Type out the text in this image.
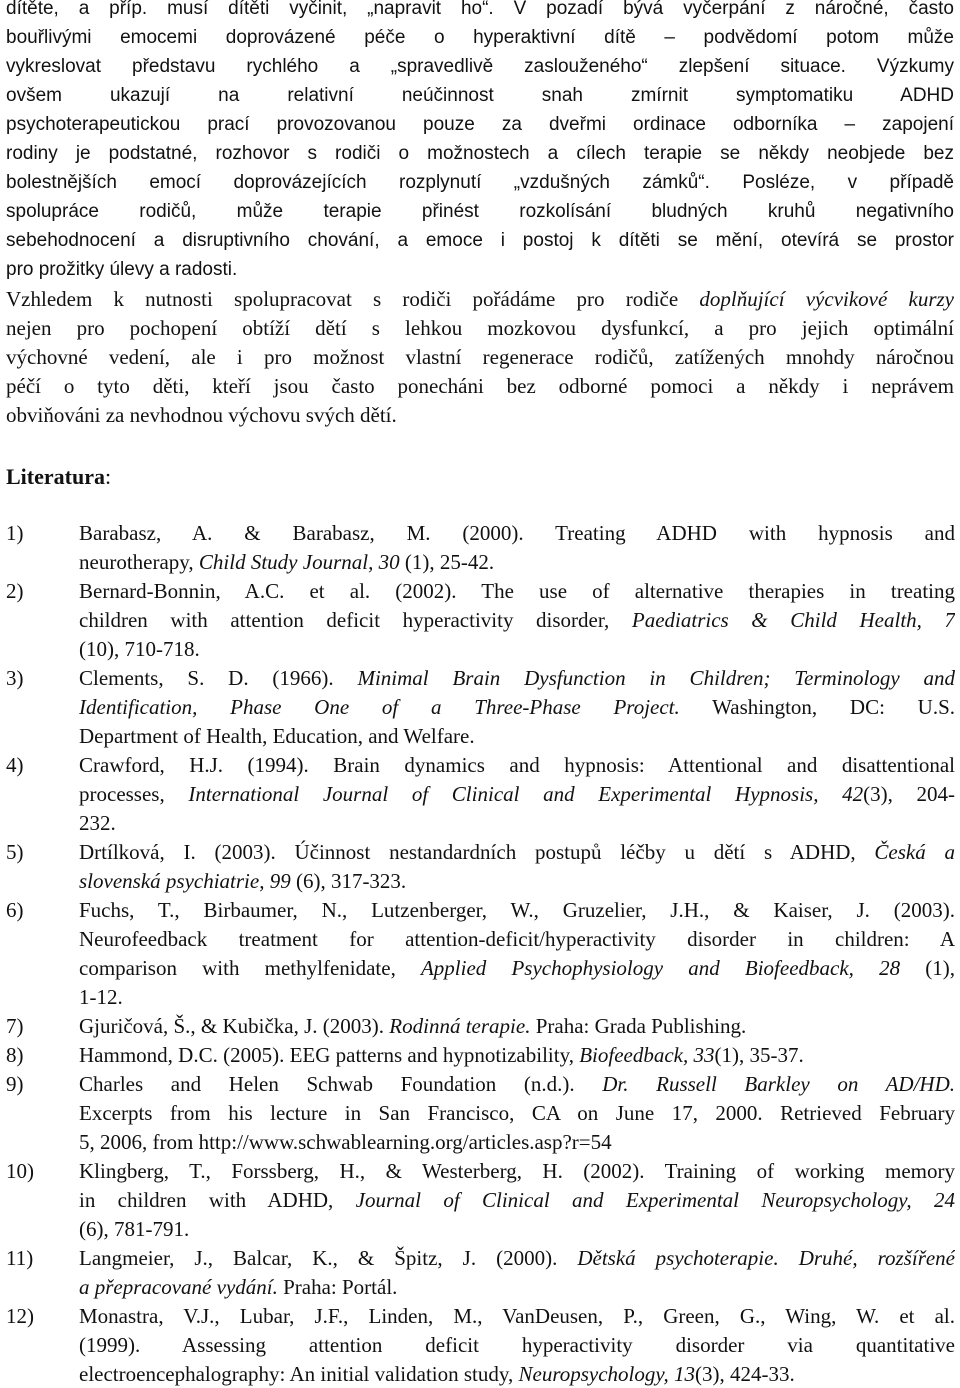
dítěte, a příp. musí dítěti vyčinit, „napravit ho“. V pozadí bývá vyčerpání z náročné, často
bouřlivými emocemi doprovázené péče o hyperaktivní dítě – podvědomí potom může
vykreslovat představu rychlého a „spravedlivě zaslouženého“ zlepšení situace. Výzkumy
ovšem ukazují na relativní neúčinnost snah zmírnit symptomatiku ADHD
psychoterapeutickou prací provozovanou pouze za dveřmi ordinace odborníka – zapojení
rodiny je podstatné, rozhovor s rodiči o možnostech a cílech terapie se někdy neobjede bez
bolestnějších emocí doprovázejících rozplynutí „vzdušných zámků“. Posléze, v případě
spolupráce rodičů, může terapie přinést rozkolísání bludných kruhů negativního
sebehodnocení a disruptivního chování, a emoce i postoj k dítěti se mění, otevírá se prostor
pro prožitky úlevy a radosti.
Vzhledem k nutnosti spolupracovat s rodiči pořádáme pro rodiče doplňující výcvikové kurzy
nejen pro pochopení obtíží dětí s lehkou mozkovou dysfunkcí, a pro jejich optimální
výchovné vedení, ale i pro možnost vlastní regenerace rodičů, zatížených mnohdy náročnou
péčí o tyto děti, kteří jsou často ponecháni bez odborné pomoci a někdy i neprávem
obviňováni za nevhodnou výchovu svých dětí.
Literatura:
1)	Barabasz, A. & Barabasz, M. (2000). Treating ADHD with hypnosis and
neurotherapy, Child Study Journal, 30 (1), 25-42.
2)	Bernard-Bonnin, A.C. et al. (2002). The use of alternative therapies in treating
children with attention deficit hyperactivity disorder, Paediatrics & Child Health, 7
(10), 710-718.
3)	Clements, S. D. (1966). Minimal Brain Dysfunction in Children; Terminology and
Identification, Phase One of a Three-Phase Project. Washington, DC: U.S.
Department of Health, Education, and Welfare.
4)	Crawford, H.J. (1994). Brain dynamics and hypnosis: Attentional and disattentional
processes, International Journal of Clinical and Experimental Hypnosis, 42(3), 204-
232.
5)	Drtílková, I. (2003). Účinnost nestandardních postupů léčby u dětí s ADHD, Česká a
slovenská psychiatrie, 99 (6), 317-323.
6)	Fuchs, T., Birbaumer, N., Lutzenberger, W., Gruzelier, J.H., & Kaiser, J. (2003).
Neurofeedback treatment for attention-deficit/hyperactivity disorder in children: A
comparison with methylfenidate, Applied Psychophysiology and Biofeedback, 28 (1),
1-12.
7)	Gjuričová, Š., & Kubička, J. (2003). Rodinná terapie. Praha: Grada Publishing.
8)	Hammond, D.C. (2005). EEG patterns and hypnotizability, Biofeedback, 33(1), 35-37.
9)	Charles and Helen Schwab Foundation (n.d.). Dr. Russell Barkley on AD/HD.
Excerpts from his lecture in San Francisco, CA on June 17, 2000. Retrieved February
5, 2006, from http://www.schwablearning.org/articles.asp?r=54
10)	Klingberg, T., Forssberg, H., & Westerberg, H. (2002). Training of working memory
in children with ADHD, Journal of Clinical and Experimental Neuropsychology, 24
(6), 781-791.
11)	Langmeier, J., Balcar, K., & Špitz, J. (2000). Dětská psychoterapie. Druhé, rozšířené
a přepracované vydání. Praha: Portál.
12)	Monastra, V.J., Lubar, J.F., Linden, M., VanDeusen, P., Green, G., Wing, W. et al.
(1999). Assessing attention deficit hyperactivity disorder via quantitative
electroencephalography: An initial validation study, Neuropsychology, 13(3), 424-33.
